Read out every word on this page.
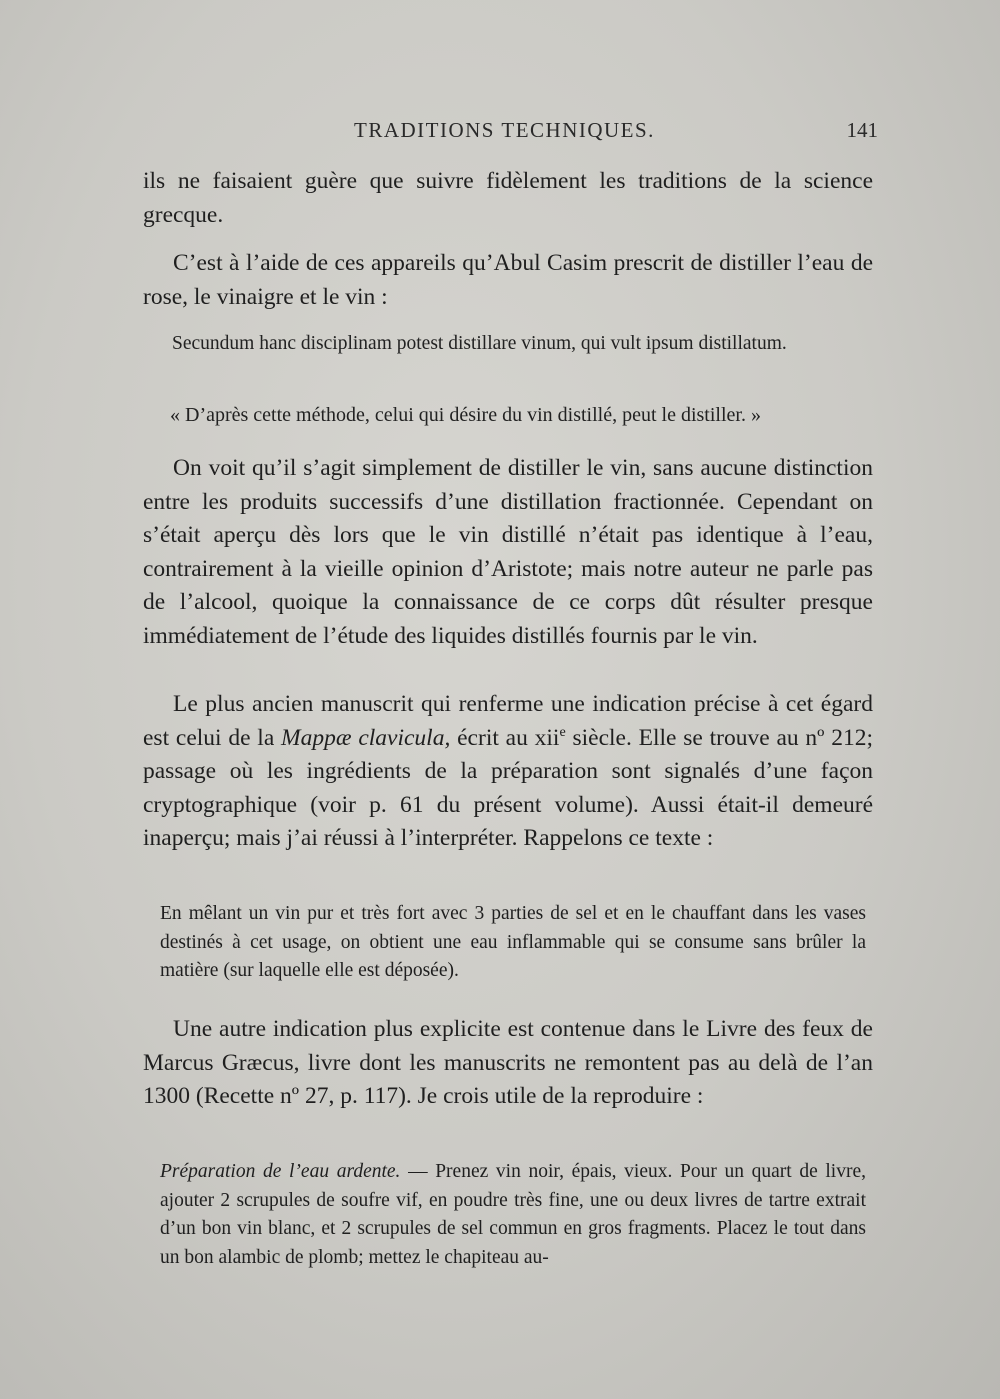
TRADITIONS TECHNIQUES.	141

ils ne faisaient guère que suivre fidèlement les traditions de la science grecque.

C’est à l’aide de ces appareils qu’Abul Casim prescrit de distiller l’eau de rose, le vinaigre et le vin :

Secundum hanc disciplinam potest distillare vinum, qui vult ipsum distillatum.

« D’après cette méthode, celui qui désire du vin distillé, peut le distiller. »

On voit qu’il s’agit simplement de distiller le vin, sans aucune distinction entre les produits successifs d’une distillation fractionnée. Cependant on s’était aperçu dès lors que le vin distillé n’était pas identique à l’eau, contrairement à la vieille opinion d’Aristote; mais notre auteur ne parle pas de l’alcool, quoique la connaissance de ce corps dût résulter presque immédiatement de l’étude des liquides distillés fournis par le vin.

Le plus ancien manuscrit qui renferme une indication précise à cet égard est celui de la Mappæ clavicula, écrit au xii$^e$ siècle. Elle se trouve au nº 212; passage où les ingrédients de la préparation sont signalés d’une façon cryptographique (voir p. 61 du présent volume). Aussi était-il demeuré inaperçu; mais j’ai réussi à l’interpréter. Rappelons ce texte :

En mêlant un vin pur et très fort avec 3 parties de sel et en le chauffant dans les vases destinés à cet usage, on obtient une eau inflammable qui se consume sans brûler la matière (sur laquelle elle est déposée).

Une autre indication plus explicite est contenue dans le Livre des feux de Marcus Græcus, livre dont les manuscrits ne remontent pas au delà de l’an 1300 (Recette nº 27, p. 117). Je crois utile de la reproduire :

Préparation de l’eau ardente. — Prenez vin noir, épais, vieux. Pour un quart de livre, ajouter 2 scrupules de soufre vif, en poudre très fine, une ou deux livres de tartre extrait d’un bon vin blanc, et 2 scrupules de sel commun en gros fragments. Placez le tout dans un bon alambic de plomb; mettez le chapiteau au-
